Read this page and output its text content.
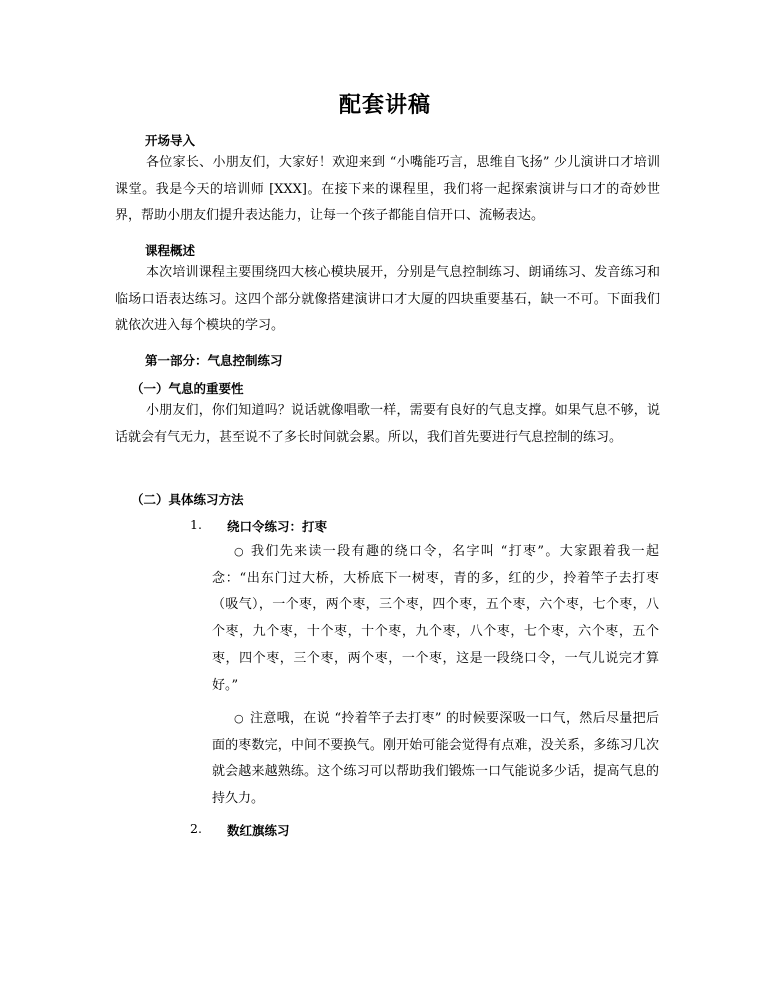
配套讲稿
开场导入
各位家长、小朋友们，大家好！欢迎来到 “小嘴能巧言，思维自飞扬” 少儿演讲口才培训课堂。我是今天的培训师 [XXX]。在接下来的课程里，我们将一起探索演讲与口才的奇妙世界，帮助小朋友们提升表达能力，让每一个孩子都能自信开口、流畅表达。
课程概述
本次培训课程主要围绕四大核心模块展开，分别是气息控制练习、朗诵练习、发音练习和临场口语表达练习。这四个部分就像搭建演讲口才大厦的四块重要基石，缺一不可。下面我们就依次进入每个模块的学习。
第一部分：气息控制练习
（一）气息的重要性
小朋友们，你们知道吗？说话就像唱歌一样，需要有良好的气息支撑。如果气息不够，说话就会有气无力，甚至说不了多长时间就会累。所以，我们首先要进行气息控制的练习。
（二）具体练习方法
1. 绕口令练习：打枣
○ 我们先来读一段有趣的绕口令，名字叫 “打枣”。大家跟着我一起念：“出东门过大桥，大桥底下一树枣，青的多，红的少，拎着竿子去打枣（吸气），一个枣，两个枣，三个枣，四个枣，五个枣，六个枣，七个枣，八个枣，九个枣，十个枣，十个枣，九个枣，八个枣，七个枣，六个枣，五个枣，四个枣，三个枣，两个枣，一个枣，这是一段绕口令，一气儿说完才算好。”
○ 注意哦，在说 “拎着竿子去打枣” 的时候要深吸一口气，然后尽量把后面的枣数完，中间不要换气。刚开始可能会觉得有点难，没关系，多练习几次就会越来越熟练。这个练习可以帮助我们锻炼一口气能说多少话，提高气息的持久力。
2. 数红旗练习
